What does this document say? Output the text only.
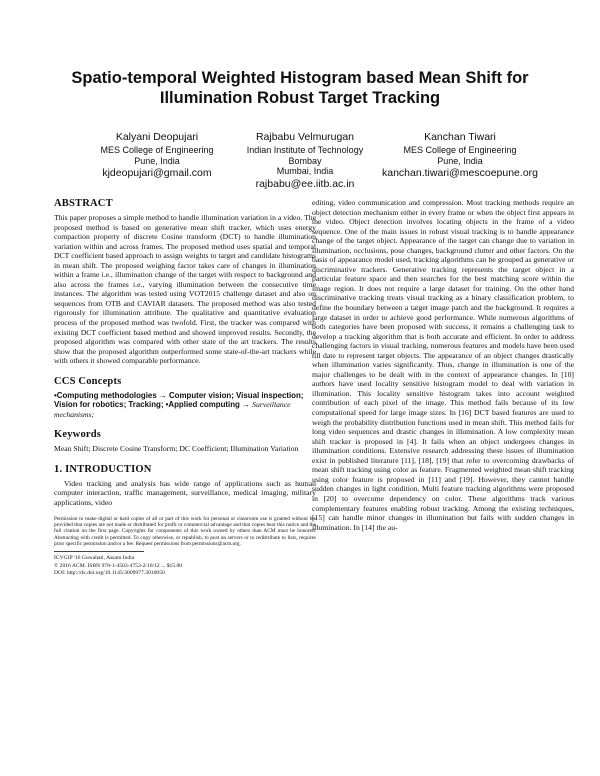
Spatio-temporal Weighted Histogram based Mean Shift for
Illumination Robust Target Tracking
Kalyani Deopujari
MES College of Engineering
Pune, India
kjdeopujari@gmail.com
Rajbabu Velmurugan
Indian Institute of Technology
Bombay
Mumbai, India
rajbabu@ee.iitb.ac.in
Kanchan Tiwari
MES College of Engineering
Pune, India
kanchan.tiwari@mescoepune.org
ABSTRACT

This paper proposes a simple method to handle illumination variation in a video. The proposed method is based on generative mean shift tracker, which uses energy compaction property of discrete Cosine transform (DCT) to handle illumination variation within and across frames. The proposed method uses spatial and temporal DCT coefficient based approach to assign weights to target and candidate histograms in mean shift. The proposed weighing factor takes care of changes in illumination within a frame i.e., illumination change of the target with respect to background and also across the frames i.e., varying illumination between the consecutive time instances. The algorithm was tested using VOT2015 challenge dataset and also on sequences from OTB and CAVIAR datasets. The proposed method was also tested rigorously for illumination attribute. The qualitative and quantitative evaluation process of the proposed method was twofold. First, the tracker was compared with existing DCT coefficient based method and showed improved results. Secondly, the proposed algorithm was compared with other state of the art trackers. The results show that the proposed algorithm outperformed some state-of-the-art trackers while with others it showed comparable performance.

CCS Concepts
•Computing methodologies → Computer vision; Visual inspection; Vision for robotics; Tracking; •Applied computing → Surveillance mechanisms;
Keywords

Mean Shift; Discrete Cosine Transform; DC Coefficient; Illumination Variation

1. INTRODUCTION

Video tracking and analysis has wide range of applications such as human computer interaction, traffic management, surveillance, medical imaging, military applications, video

Permission to make digital or hard copies of all or part of this work for personal or classroom use is granted without fee provided that copies are not made or distributed for profit or commercial advantage and that copies bear this notice and the full citation on the first page. Copyrights for components of this work owned by others than ACM must be honored. Abstracting with credit is permitted. To copy otherwise, or republish, to post on servers or to redistribute to lists, requires prior specific permission and/or a fee. Request permissions from permissions@acm.org.

ICVGIP '16 Guwahati, Assam India
© 2016 ACM. ISBN 978-1-4503-4753-2/16/12 ... $15.00
DOI: http://dx.doi.org/10.1145/3009977.3010050

editing, video communication and compression. Most tracking methods require an object detection mechanism either in every frame or when the object first appears in the video. Object detection involves locating objects in the frame of a video sequence. One of the main issues in robust visual tracking is to handle appearance change of the target object. Appearance of the target can change due to variation in illumination, occlusions, pose changes, background clutter and other factors. On the basis of appearance model used, tracking algorithms can be grouped as generative or discriminative trackers. Generative tracking represents the target object in a particular feature space and then searches for the best matching score within the image region. It does not require a large dataset for training. On the other hand discriminative tracking treats visual tracking as a binary classification problem, to define the boundary between a target image patch and the background. It requires a large dataset in order to achieve good performance. While numerous algorithms of both categories have been proposed with success, it remains a challenging task to develop a tracking algorithm that is both accurate and efficient. In order to address challenging factors in visual tracking, numerous features and models have been used till date to represent target objects. The appearance of an object changes drastically when illumination varies significantly. Thus, change in illumination is one of the major challenges to be dealt with in the context of appearance changes. In [10] authors have used locality sensitive histogram model to deal with variation in illumination. This locality sensitive histogram takes into account weighted contribution of each pixel of the image. This method fails because of its low computational speed for large image sizes. In [16] DCT based features are used to weigh the probability distribution functions used in mean shift. This method fails for long video sequences and drastic changes in illumination. A low complexity mean shift tracker is proposed in [4]. It fails when an object undergoes changes in illumination conditions. Extensive research addressing these issues of illumination exist in published literature [11], [18], [19] that refer to overcoming drawbacks of mean shift tracking using color as feature. Fragmented weighted mean shift tracking using color feature is proposed in [11] and [19]. However, they cannot handle sudden changes in light condition. Multi feature tracking algorithms were proposed in [20] to overcome dependency on color. These algorithms track various complementary features enabling robust tracking. Among the existing techniques, [15] can handle minor changes in illumination but fails with sudden changes in illumination. In [14] the au-
